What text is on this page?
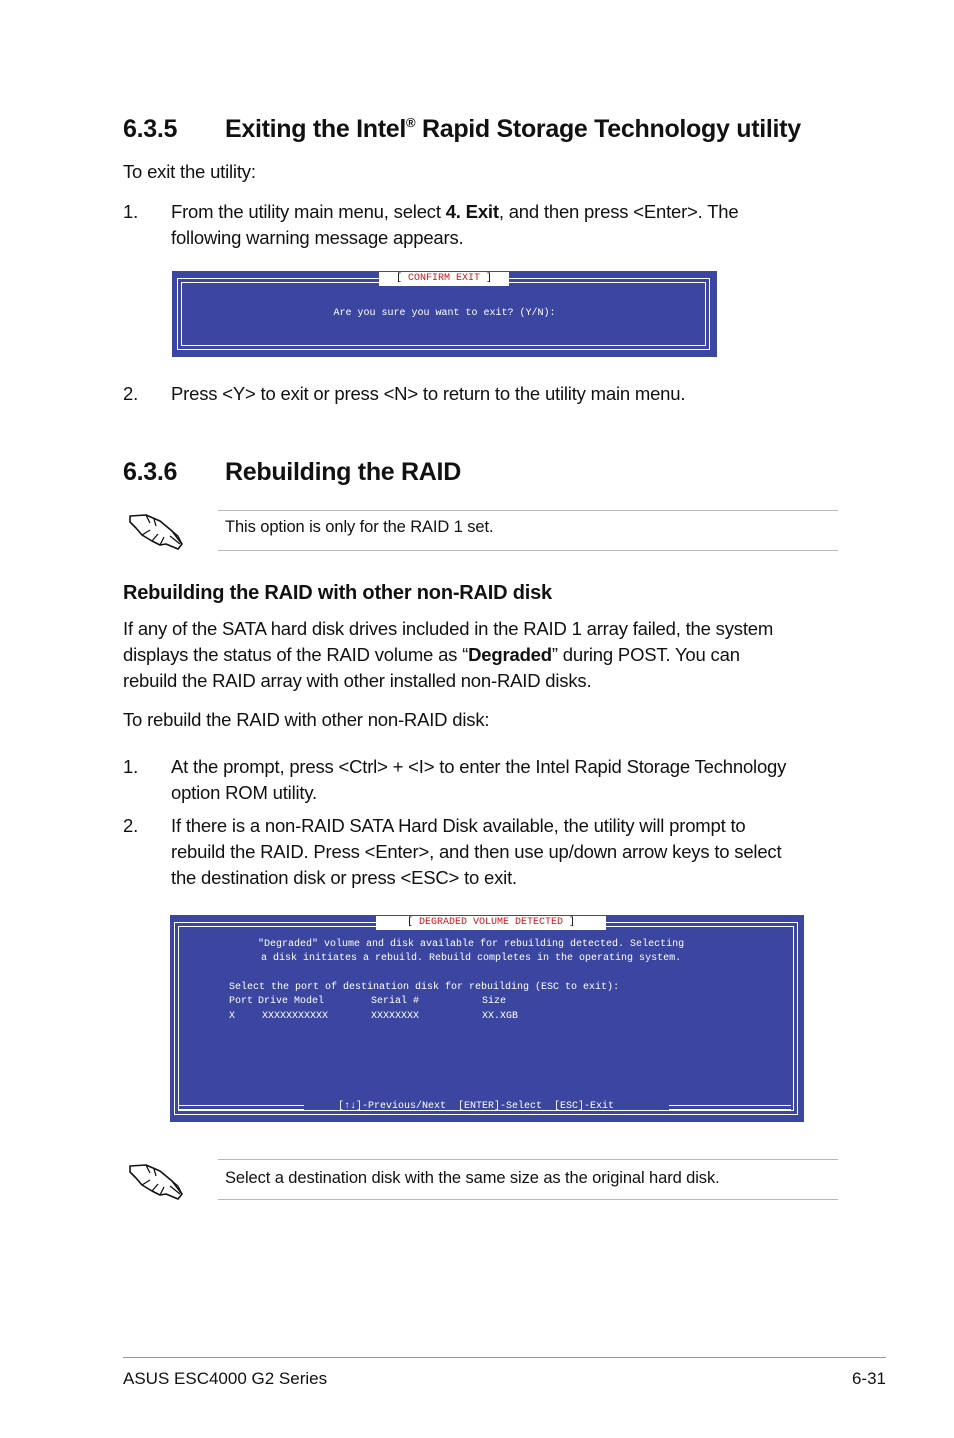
6.3.5 Exiting the Intel® Rapid Storage Technology utility
To exit the utility:
1. From the utility main menu, select 4. Exit, and then press <Enter>. The
following warning message appears.
[ CONFIRM EXIT ]
Are you sure you want to exit? (Y/N):
2. Press <Y> to exit or press <N> to return to the utility main menu.
6.3.6 Rebuilding the RAID
This option is only for the RAID 1 set.
Rebuilding the RAID with other non-RAID disk
If any of the SATA hard disk drives included in the RAID 1 array failed, the system
displays the status of the RAID volume as “Degraded” during POST. You can
rebuild the RAID array with other installed non-RAID disks.
To rebuild the RAID with other non-RAID disk:
1. At the prompt, press <Ctrl> + <I> to enter the Intel Rapid Storage Technology
option ROM utility.
2. If there is a non-RAID SATA Hard Disk available, the utility will prompt to
rebuild the RAID. Press <Enter>, and then use up/down arrow keys to select
the destination disk or press <ESC> to exit.
[ DEGRADED VOLUME DETECTED ]
"Degraded" volume and disk available for rebuilding detected. Selecting
a disk initiates a rebuild. Rebuild completes in the operating system.
Select the port of destination disk for rebuilding (ESC to exit):
Port Drive Model	Serial #	Size
X	XXXXXXXXXXX	XXXXXXXX	XX.XGB
[↑↓]-Previous/Next  [ENTER]-Select  [ESC]-Exit
Select a destination disk with the same size as the original hard disk.
ASUS ESC4000 G2 Series	6-31
